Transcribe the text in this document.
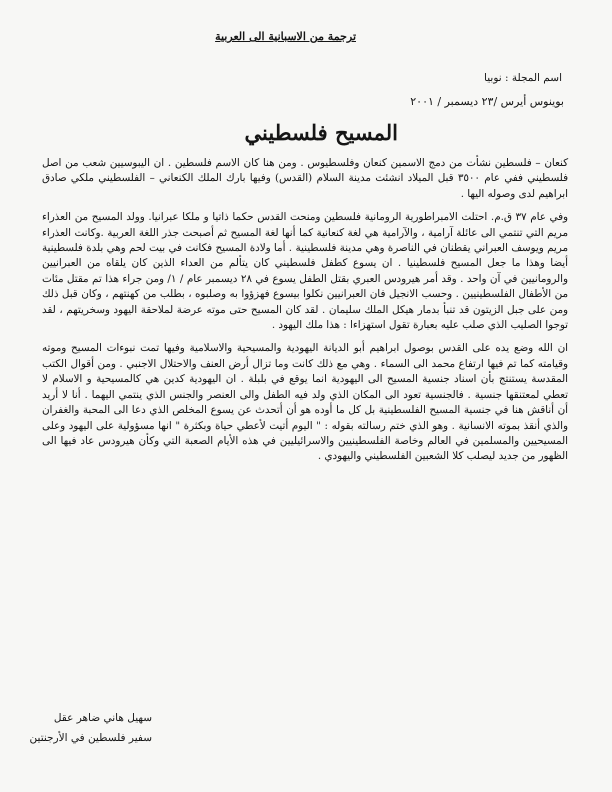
ترجمة من الاسبانية الى العربية
اسم المجلة : نوبيا
بوينوس أيرس /٢٣ ديسمبر / ٢٠٠١
المسيح فلسطيني

كنعان – فلسطين نشأت من دمج الاسمين كنعان وفلسطيوس . ومن هنا كان الاسم فلسطين . ان اليبوسيين شعب من اصل فلسطيني ففي عام ٣٥٠٠ قبل الميلاد انشئت مدينة السلام (القدس) وفيها بارك الملك الكنعاني – الفلسطيني ملكي صادق ابراهيم لدى وصوله اليها .

وفي عام ٣٧ ق.م. احتلت الامبراطورية الرومانية فلسطين ومنحت القدس حكما ذاتيا و ملكا عبرانيا. وولد المسيح من العذراء مريم التي تنتمي الى عائلة آرامية ، والآرامية هي لغة كنعانية كما أنها لغة المسيح ثم أصبحت جذر اللغة العربية .وكانت العذراء مريم ويوسف العبراني يقطنان في الناصرة وهي مدينة فلسطينية . أما ولادة المسيح فكانت في بيت لحم وهي بلدة فلسطينية أيضا وهذا ما جعل المسيح فلسطينيا . ان يسوع كطفل فلسطيني كان يتألم من العداء الذين كان يلقاه من العبرانيين والرومانيين في آن واحد . وقد أمر هيرودس العبري بقتل الطفل يسوع في ٢٨ ديسمبر عام / ١/ ومن جراء هذا تم مقتل مئات من الأطفال الفلسطينيين . وحسب الانجيل فان العبرانيين نكلوا بيسوع فهزؤوا به وصلبوه ، بطلب من كهنتهم ، وكان قبل ذلك ومن على جبل الزيتون قد تنبأ بدمار هيكل الملك سليمان . لقد كان المسيح حتى موته عرضة لملاحقة اليهود وسخريتهم ، لقد توجوا الصليب الذي صلب عليه بعبارة تقول استهزاءا : هذا ملك اليهود .

ان الله وضع يده على القدس بوصول ابراهيم أبو الديانة اليهودية والمسيحية والاسلامية وفيها تمت نبوءات المسيح وموته وقيامته كما تم فيها ارتفاع محمد الى السماء . وهي مع ذلك كانت وما تزال أرض العنف والاحتلال الاجنبي . ومن أقوال الكتب المقدسة يستنتج بأن اسناد جنسية المسيح الى اليهودية انما يوقع في بلبلة . ان اليهودية كدين هي كالمسيحية و الاسلام لا تعطي لمعتنقها جنسية . فالجنسية تعود الى المكان الذي ولد فيه الطفل والى العنصر والجنس الذي ينتمي اليهما . أنا لا أريد أن أناقش هنا في جنسية المسيح الفلسطينية بل كل ما أوده هو أن أتحدث عن يسوع المخلص الذي دعا الى المحبة والغفران والذي أنقذ بموته الانسانية . وهو الذي ختم رسالته بقوله : " اليوم أتيت لأعطي حياة وبكثرة " انها مسؤولية على اليهود وعلى المسيحيين والمسلمين في العالم وخاصة الفلسطينيين والاسرائيليين في هذه الأيام الصعبة التي وكأن هيرودس عاد فيها الى الظهور من جديد ليصلب كلا الشعبين الفلسطيني واليهودي .

سهيل هاني ضاهر عقل
سفير فلسطين في الأرجنتين
